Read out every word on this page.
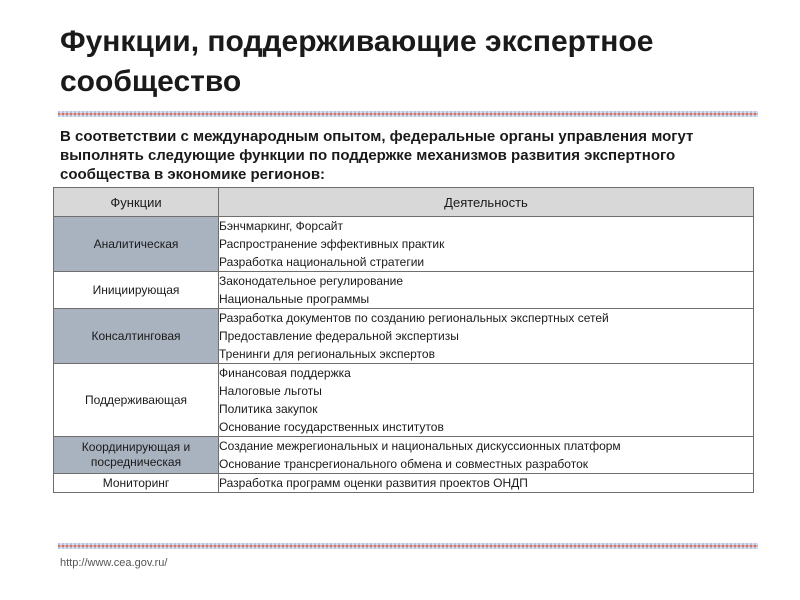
Функции, поддерживающие экспертное сообщество

В соответствии с международным опытом, федеральные органы управления могут выполнять следующие функции по поддержке механизмов развития экспертного сообщества в экономике регионов:

Функции	Деятельность
Аналитическая	Бэнчмаркинг, Форсайт
Распространение эффективных практик
Разработка национальной стратегии

Инициирующая	Законодательное регулирование
Национальные программы

Консалтинговая	Разработка документов по созданию региональных экспертных сетей
Предоставление федеральной экспертизы
Тренинги для региональных экспертов

Поддерживающая	Финансовая поддержка
Налоговые льготы
Политика закупок
Основание государственных институтов

Координирующая и посредническая	Создание межрегиональных и национальных дискуссионных платформ
Основание трансрегионального обмена и совместных разработок

Мониторинг	Разработка программ оценки развития проектов ОНДП
http://www.cea.gov.ru/
